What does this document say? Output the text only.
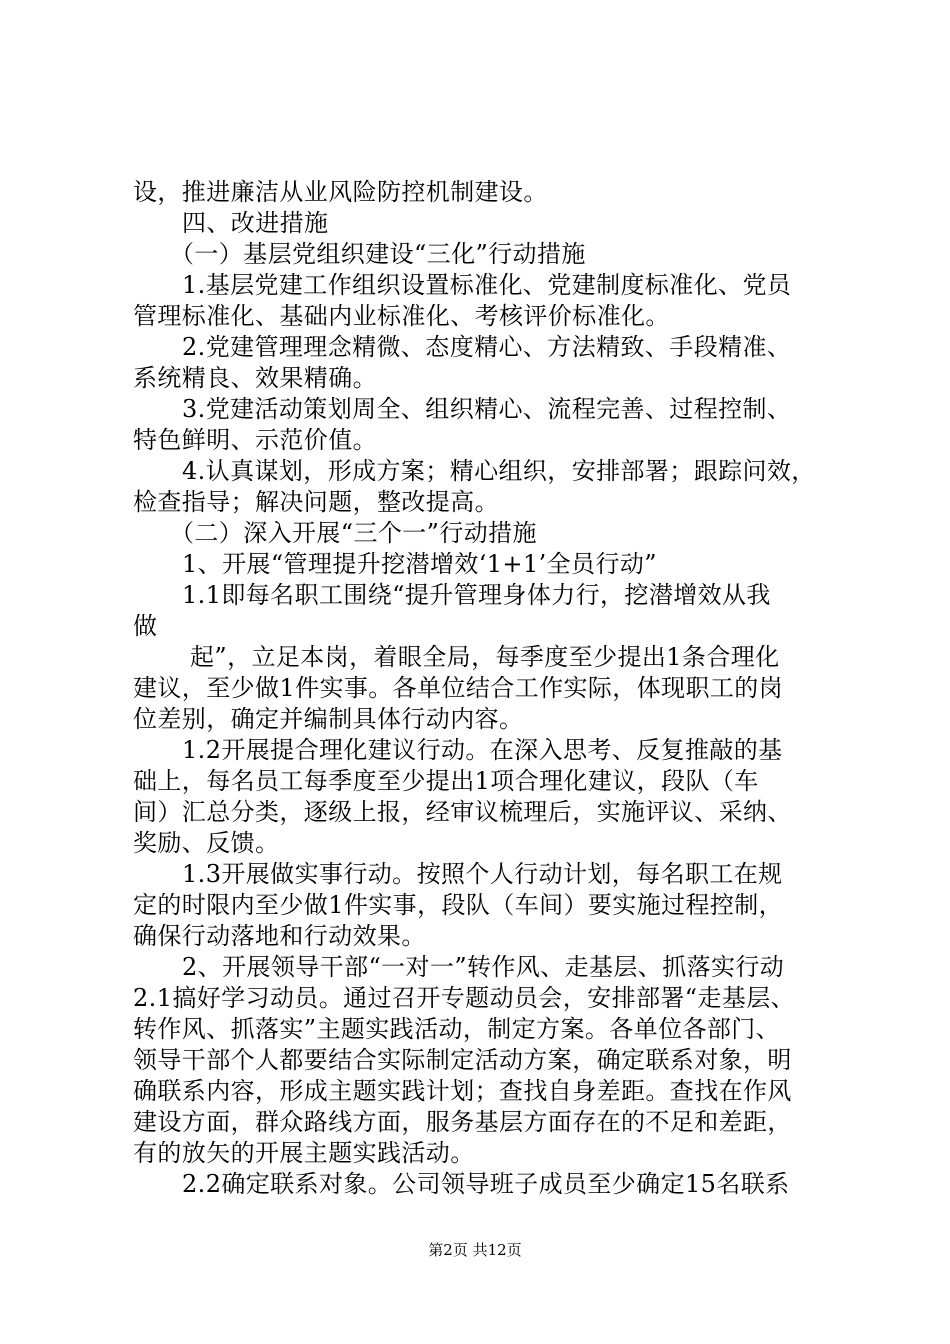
设，推进廉洁从业风险防控机制建设。
四、改进措施
（一）基层党组织建设“三化”行动措施
1.基层党建工作组织设置标准化、党建制度标准化、党员
管理标准化、基础内业标准化、考核评价标准化。
2.党建管理理念精微、态度精心、方法精致、手段精准、
系统精良、效果精确。
3.党建活动策划周全、组织精心、流程完善、过程控制、
特色鲜明、示范价值。
4.认真谋划，形成方案；精心组织，安排部署；跟踪问效，
检查指导；解决问题，整改提高。
（二）深入开展“三个一”行动措施
1、开展“管理提升挖潜增效‘1+1’全员行动”
1.1即每名职工围绕“提升管理身体力行，挖潜增效从我
做
起”，立足本岗，着眼全局，每季度至少提出1条合理化
建议，至少做1件实事。各单位结合工作实际，体现职工的岗
位差别，确定并编制具体行动内容。
1.2开展提合理化建议行动。在深入思考、反复推敲的基
础上，每名员工每季度至少提出1项合理化建议，段队（车
间）汇总分类，逐级上报，经审议梳理后，实施评议、采纳、
奖励、反馈。
1.3开展做实事行动。按照个人行动计划，每名职工在规
定的时限内至少做1件实事，段队（车间）要实施过程控制，
确保行动落地和行动效果。
2、开展领导干部“一对一”转作风、走基层、抓落实行动
2.1搞好学习动员。通过召开专题动员会，安排部署“走基层、
转作风、抓落实”主题实践活动，制定方案。各单位各部门、
领导干部个人都要结合实际制定活动方案，确定联系对象，明
确联系内容，形成主题实践计划；查找自身差距。查找在作风
建设方面，群众路线方面，服务基层方面存在的不足和差距，
有的放矢的开展主题实践活动。
2.2确定联系对象。公司领导班子成员至少确定15名联系
第2页 共12页
